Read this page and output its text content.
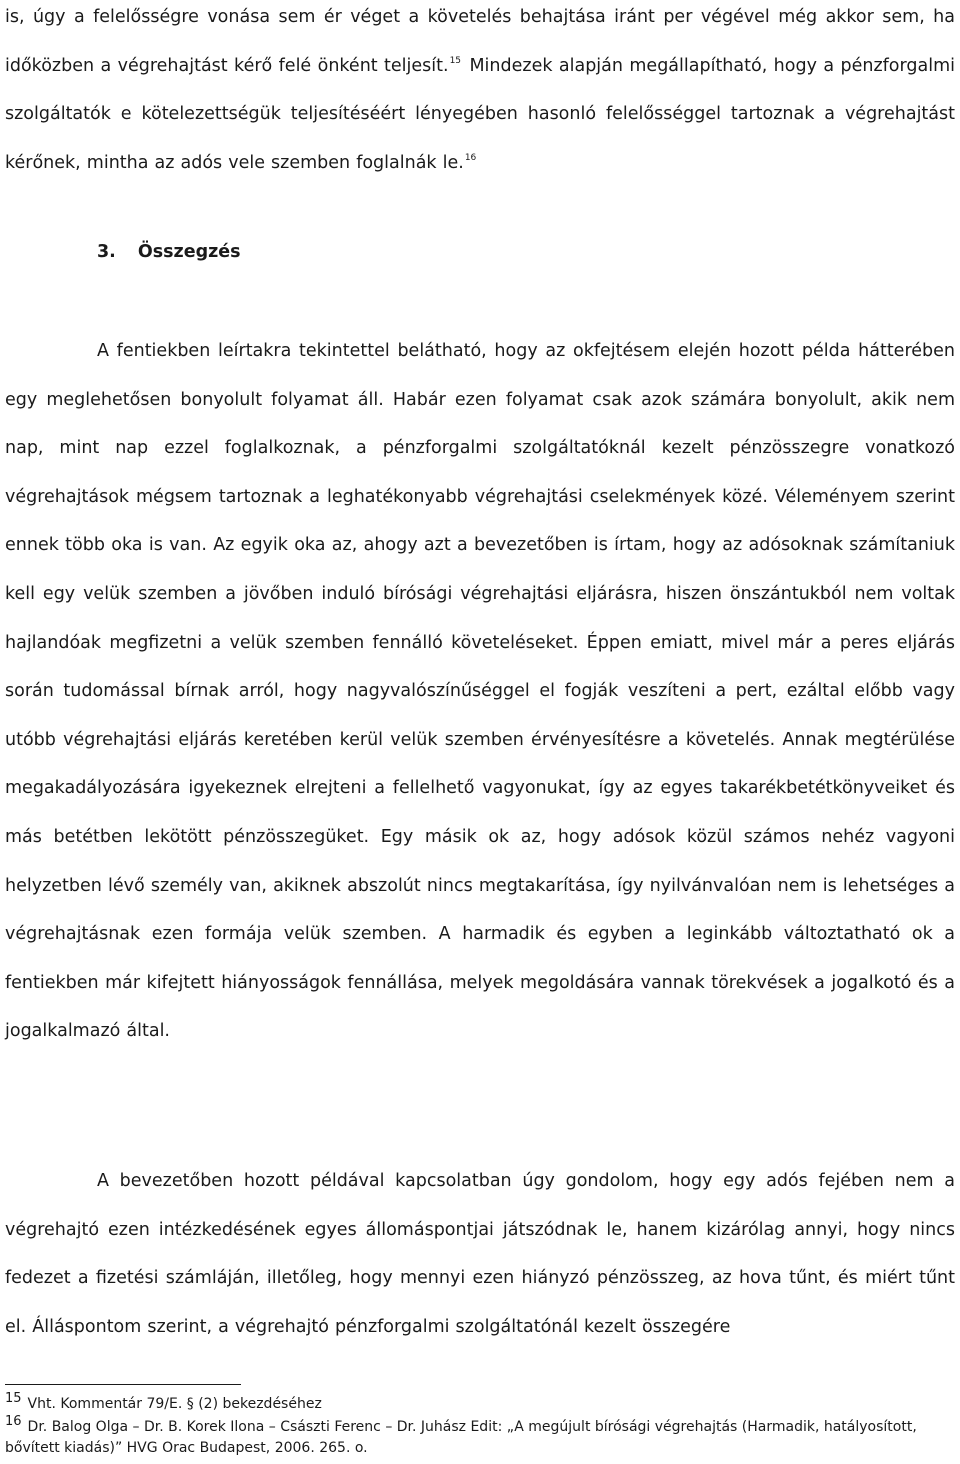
is, úgy a felelősségre vonása sem ér véget a követelés behajtása iránt per végével még akkor sem, ha időközben a végrehajtást kérő felé önként teljesít.$^{15}$ Mindezek alapján megállapítható, hogy a pénzforgalmi szolgáltatók e kötelezettségük teljesítéséért lényegében hasonló felelősséggel tartoznak a végrehajtást kérőnek, mintha az adós vele szemben foglalnák le.$^{16}$

3. Összegzés

A fentiekben leírtakra tekintettel belátható, hogy az okfejtésem elején hozott példa hátterében egy meglehetősen bonyolult folyamat áll. Habár ezen folyamat csak azok számára bonyolult, akik nem nap, mint nap ezzel foglalkoznak, a pénzforgalmi szolgáltatóknál kezelt pénzösszegre vonatkozó végrehajtások mégsem tartoznak a leghatékonyabb végrehajtási cselekmények közé. Véleményem szerint ennek több oka is van. Az egyik oka az, ahogy azt a bevezetőben is írtam, hogy az adósoknak számítaniuk kell egy velük szemben a jövőben induló bírósági végrehajtási eljárásra, hiszen önszántukból nem voltak hajlandóak megfizetni a velük szemben fennálló követeléseket. Éppen emiatt, mivel már a peres eljárás során tudomással bírnak arról, hogy nagyvalószínűséggel el fogják veszíteni a pert, ezáltal előbb vagy utóbb végrehajtási eljárás keretében kerül velük szemben érvényesítésre a követelés. Annak megtérülése megakadályozására igyekeznek elrejteni a fellelhető vagyonukat, így az egyes takarékbetétkönyveiket és más betétben lekötött pénzösszegüket. Egy másik ok az, hogy adósok közül számos nehéz vagyoni helyzetben lévő személy van, akiknek abszolút nincs megtakarítása, így nyilvánvalóan nem is lehetséges a végrehajtásnak ezen formája velük szemben. A harmadik és egyben a leginkább változtatható ok a fentiekben már kifejtett hiányosságok fennállása, melyek megoldására vannak törekvések a jogalkotó és a jogalkalmazó által.

A bevezetőben hozott példával kapcsolatban úgy gondolom, hogy egy adós fejében nem a végrehajtó ezen intézkedésének egyes állomáspontjai játszódnak le, hanem kizárólag annyi, hogy nincs fedezet a fizetési számláján, illetőleg, hogy mennyi ezen hiányzó pénzösszeg, az hova tűnt, és miért tűnt el. Álláspontom szerint, a végrehajtó pénzforgalmi szolgáltatónál kezelt összegére

15 Vht. Kommentár 79/E. § (2) bekezdéséhez

16 Dr. Balog Olga – Dr. B. Korek Ilona – Császti Ferenc – Dr. Juhász Edit: „A megújult bírósági végrehajtás (Harmadik, hatályosított, bővített kiadás)” HVG Orac Budapest, 2006. 265. o.
